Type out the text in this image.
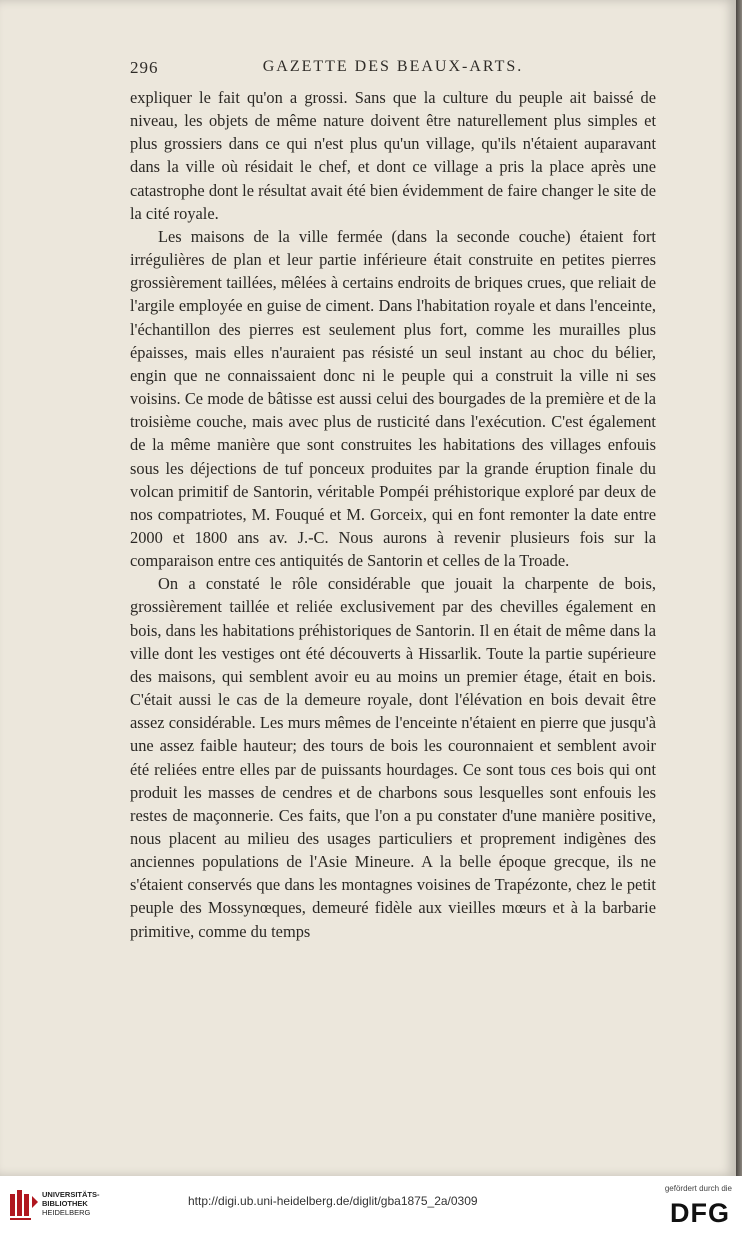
296	GAZETTE DES BEAUX-ARTS.

expliquer le fait qu'on a grossi. Sans que la culture du peuple ait baissé de niveau, les objets de même nature doivent être naturellement plus simples et plus grossiers dans ce qui n'est plus qu'un village, qu'ils n'étaient auparavant dans la ville où résidait le chef, et dont ce village a pris la place après une catastrophe dont le résultat avait été bien évidemment de faire changer le site de la cité royale.

Les maisons de la ville fermée (dans la seconde couche) étaient fort irrégulières de plan et leur partie inférieure était construite en petites pierres grossièrement taillées, mêlées à certains endroits de briques crues, que reliait de l'argile employée en guise de ciment. Dans l'habitation royale et dans l'enceinte, l'échantillon des pierres est seulement plus fort, comme les murailles plus épaisses, mais elles n'auraient pas résisté un seul instant au choc du bélier, engin que ne connaissaient donc ni le peuple qui a construit la ville ni ses voisins. Ce mode de bâtisse est aussi celui des bourgades de la première et de la troisième couche, mais avec plus de rusticité dans l'exécution. C'est également de la même manière que sont construites les habitations des villages enfouis sous les déjections de tuf ponceux produites par la grande éruption finale du volcan primitif de Santorin, véritable Pompéi préhistorique exploré par deux de nos compatriotes, M. Fouqué et M. Gorceix, qui en font remonter la date entre 2000 et 1800 ans av. J.-C. Nous aurons à revenir plusieurs fois sur la comparaison entre ces antiquités de Santorin et celles de la Troade.

On a constaté le rôle considérable que jouait la charpente de bois, grossièrement taillée et reliée exclusivement par des chevilles également en bois, dans les habitations préhistoriques de Santorin. Il en était de même dans la ville dont les vestiges ont été découverts à Hissarlik. Toute la partie supérieure des maisons, qui semblent avoir eu au moins un premier étage, était en bois. C'était aussi le cas de la demeure royale, dont l'élévation en bois devait être assez considérable. Les murs mêmes de l'enceinte n'étaient en pierre que jusqu'à une assez faible hauteur; des tours de bois les couronnaient et semblent avoir été reliées entre elles par de puissants hourdages. Ce sont tous ces bois qui ont produit les masses de cendres et de charbons sous lesquelles sont enfouis les restes de maçonnerie. Ces faits, que l'on a pu constater d'une manière positive, nous placent au milieu des usages particuliers et proprement indigènes des anciennes populations de l'Asie Mineure. A la belle époque grecque, ils ne s'étaient conservés que dans les montagnes voisines de Trapézonte, chez le petit peuple des Mossynœques, demeuré fidèle aux vieilles mœurs et à la barbarie primitive, comme du temps

UNIVERSITÄTS-
BIBLIOTHEK
HEIDELBERG
http://digi.ub.uni-heidelberg.de/diglit/gba1875_2a/0309
gefördert durch die
DFG
